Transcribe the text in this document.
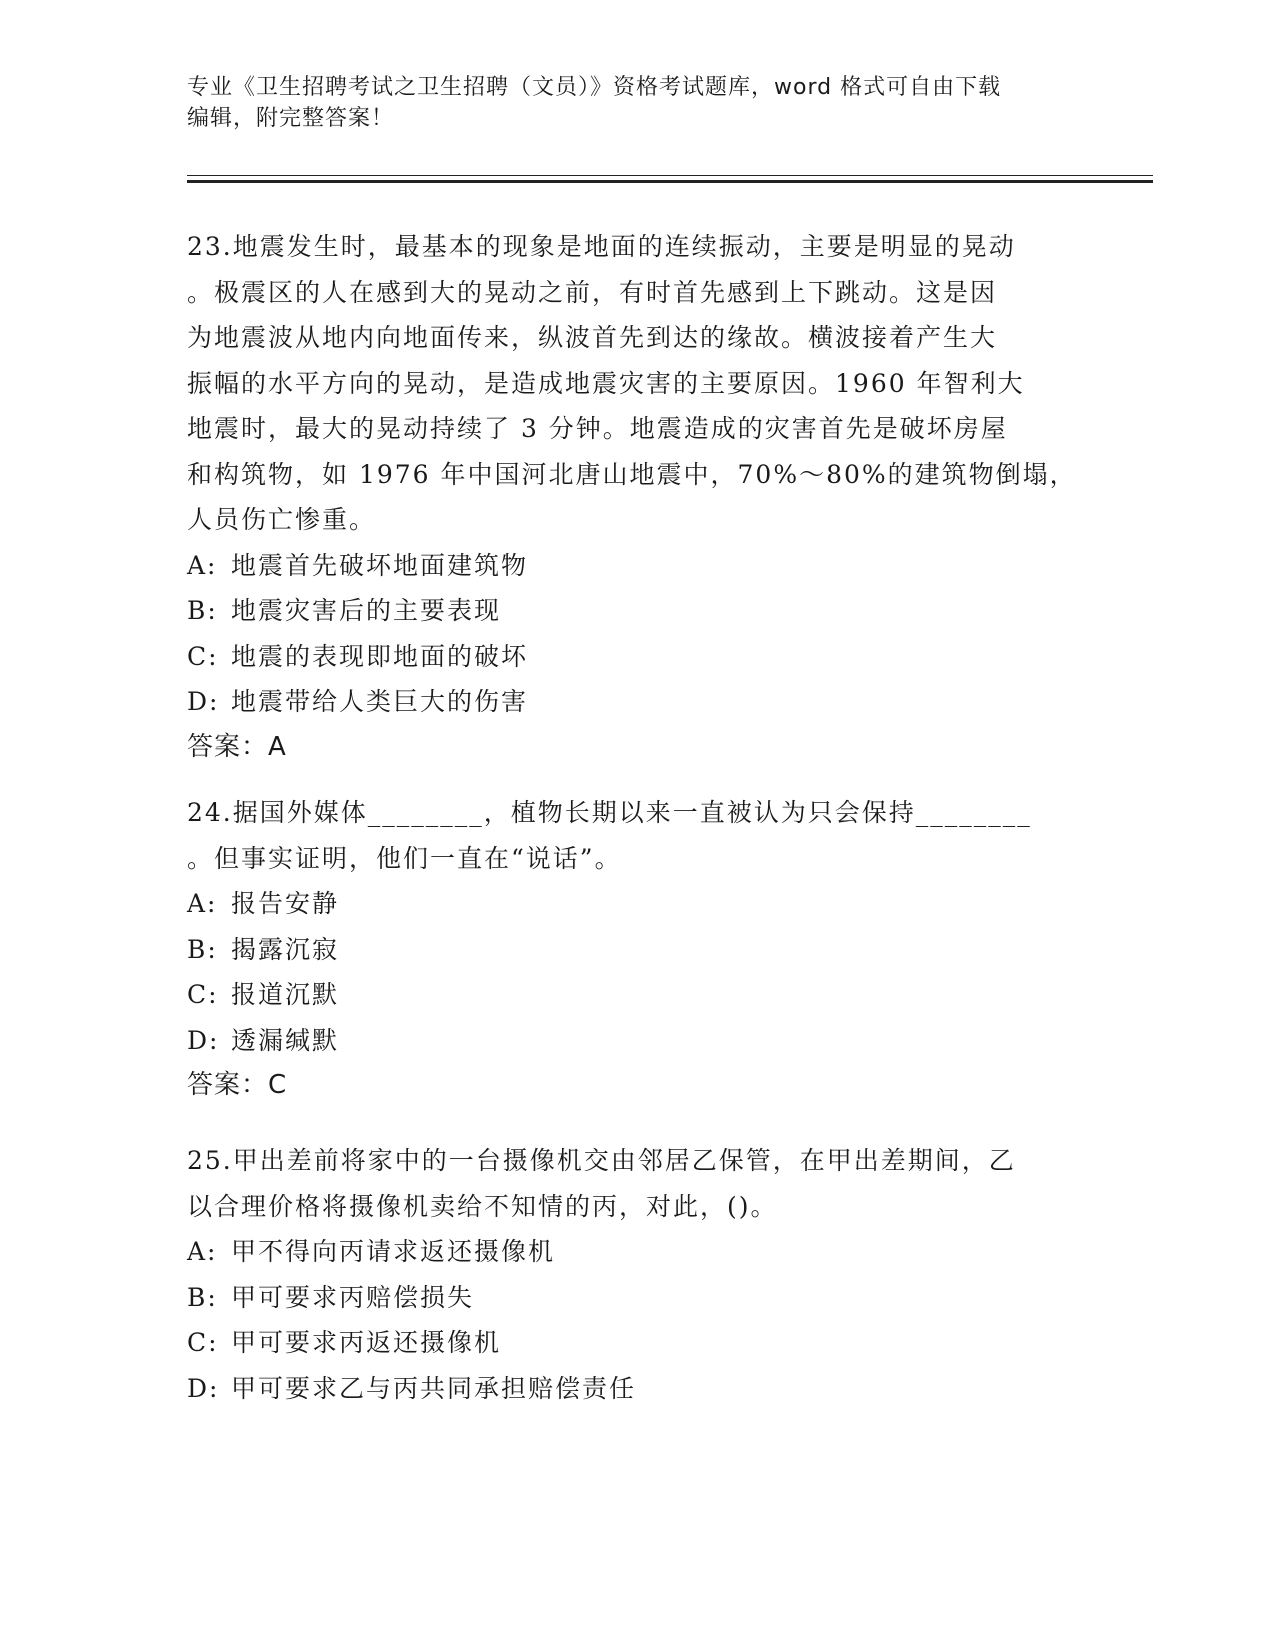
专业《卫生招聘考试之卫生招聘（文员）》资格考试题库，word 格式可自由下载
编辑，附完整答案！
23.地震发生时，最基本的现象是地面的连续振动，主要是明显的晃动
。极震区的人在感到大的晃动之前，有时首先感到上下跳动。这是因
为地震波从地内向地面传来，纵波首先到达的缘故。横波接着产生大
振幅的水平方向的晃动，是造成地震灾害的主要原因。1960 年智利大
地震时，最大的晃动持续了 3 分钟。地震造成的灾害首先是破坏房屋
和构筑物，如 1976 年中国河北唐山地震中，70%～80%的建筑物倒塌，
人员伤亡惨重。
A: 地震首先破坏地面建筑物
B: 地震灾害后的主要表现
C: 地震的表现即地面的破坏
D: 地震带给人类巨大的伤害
答案：A
24.据国外媒体________，植物长期以来一直被认为只会保持________
。但事实证明，他们一直在“说话”。
A: 报告安静
B: 揭露沉寂
C: 报道沉默
D: 透漏缄默
答案：C
25.甲出差前将家中的一台摄像机交由邻居乙保管，在甲出差期间，乙
以合理价格将摄像机卖给不知情的丙，对此，()。
A: 甲不得向丙请求返还摄像机
B: 甲可要求丙赔偿损失
C: 甲可要求丙返还摄像机
D: 甲可要求乙与丙共同承担赔偿责任
